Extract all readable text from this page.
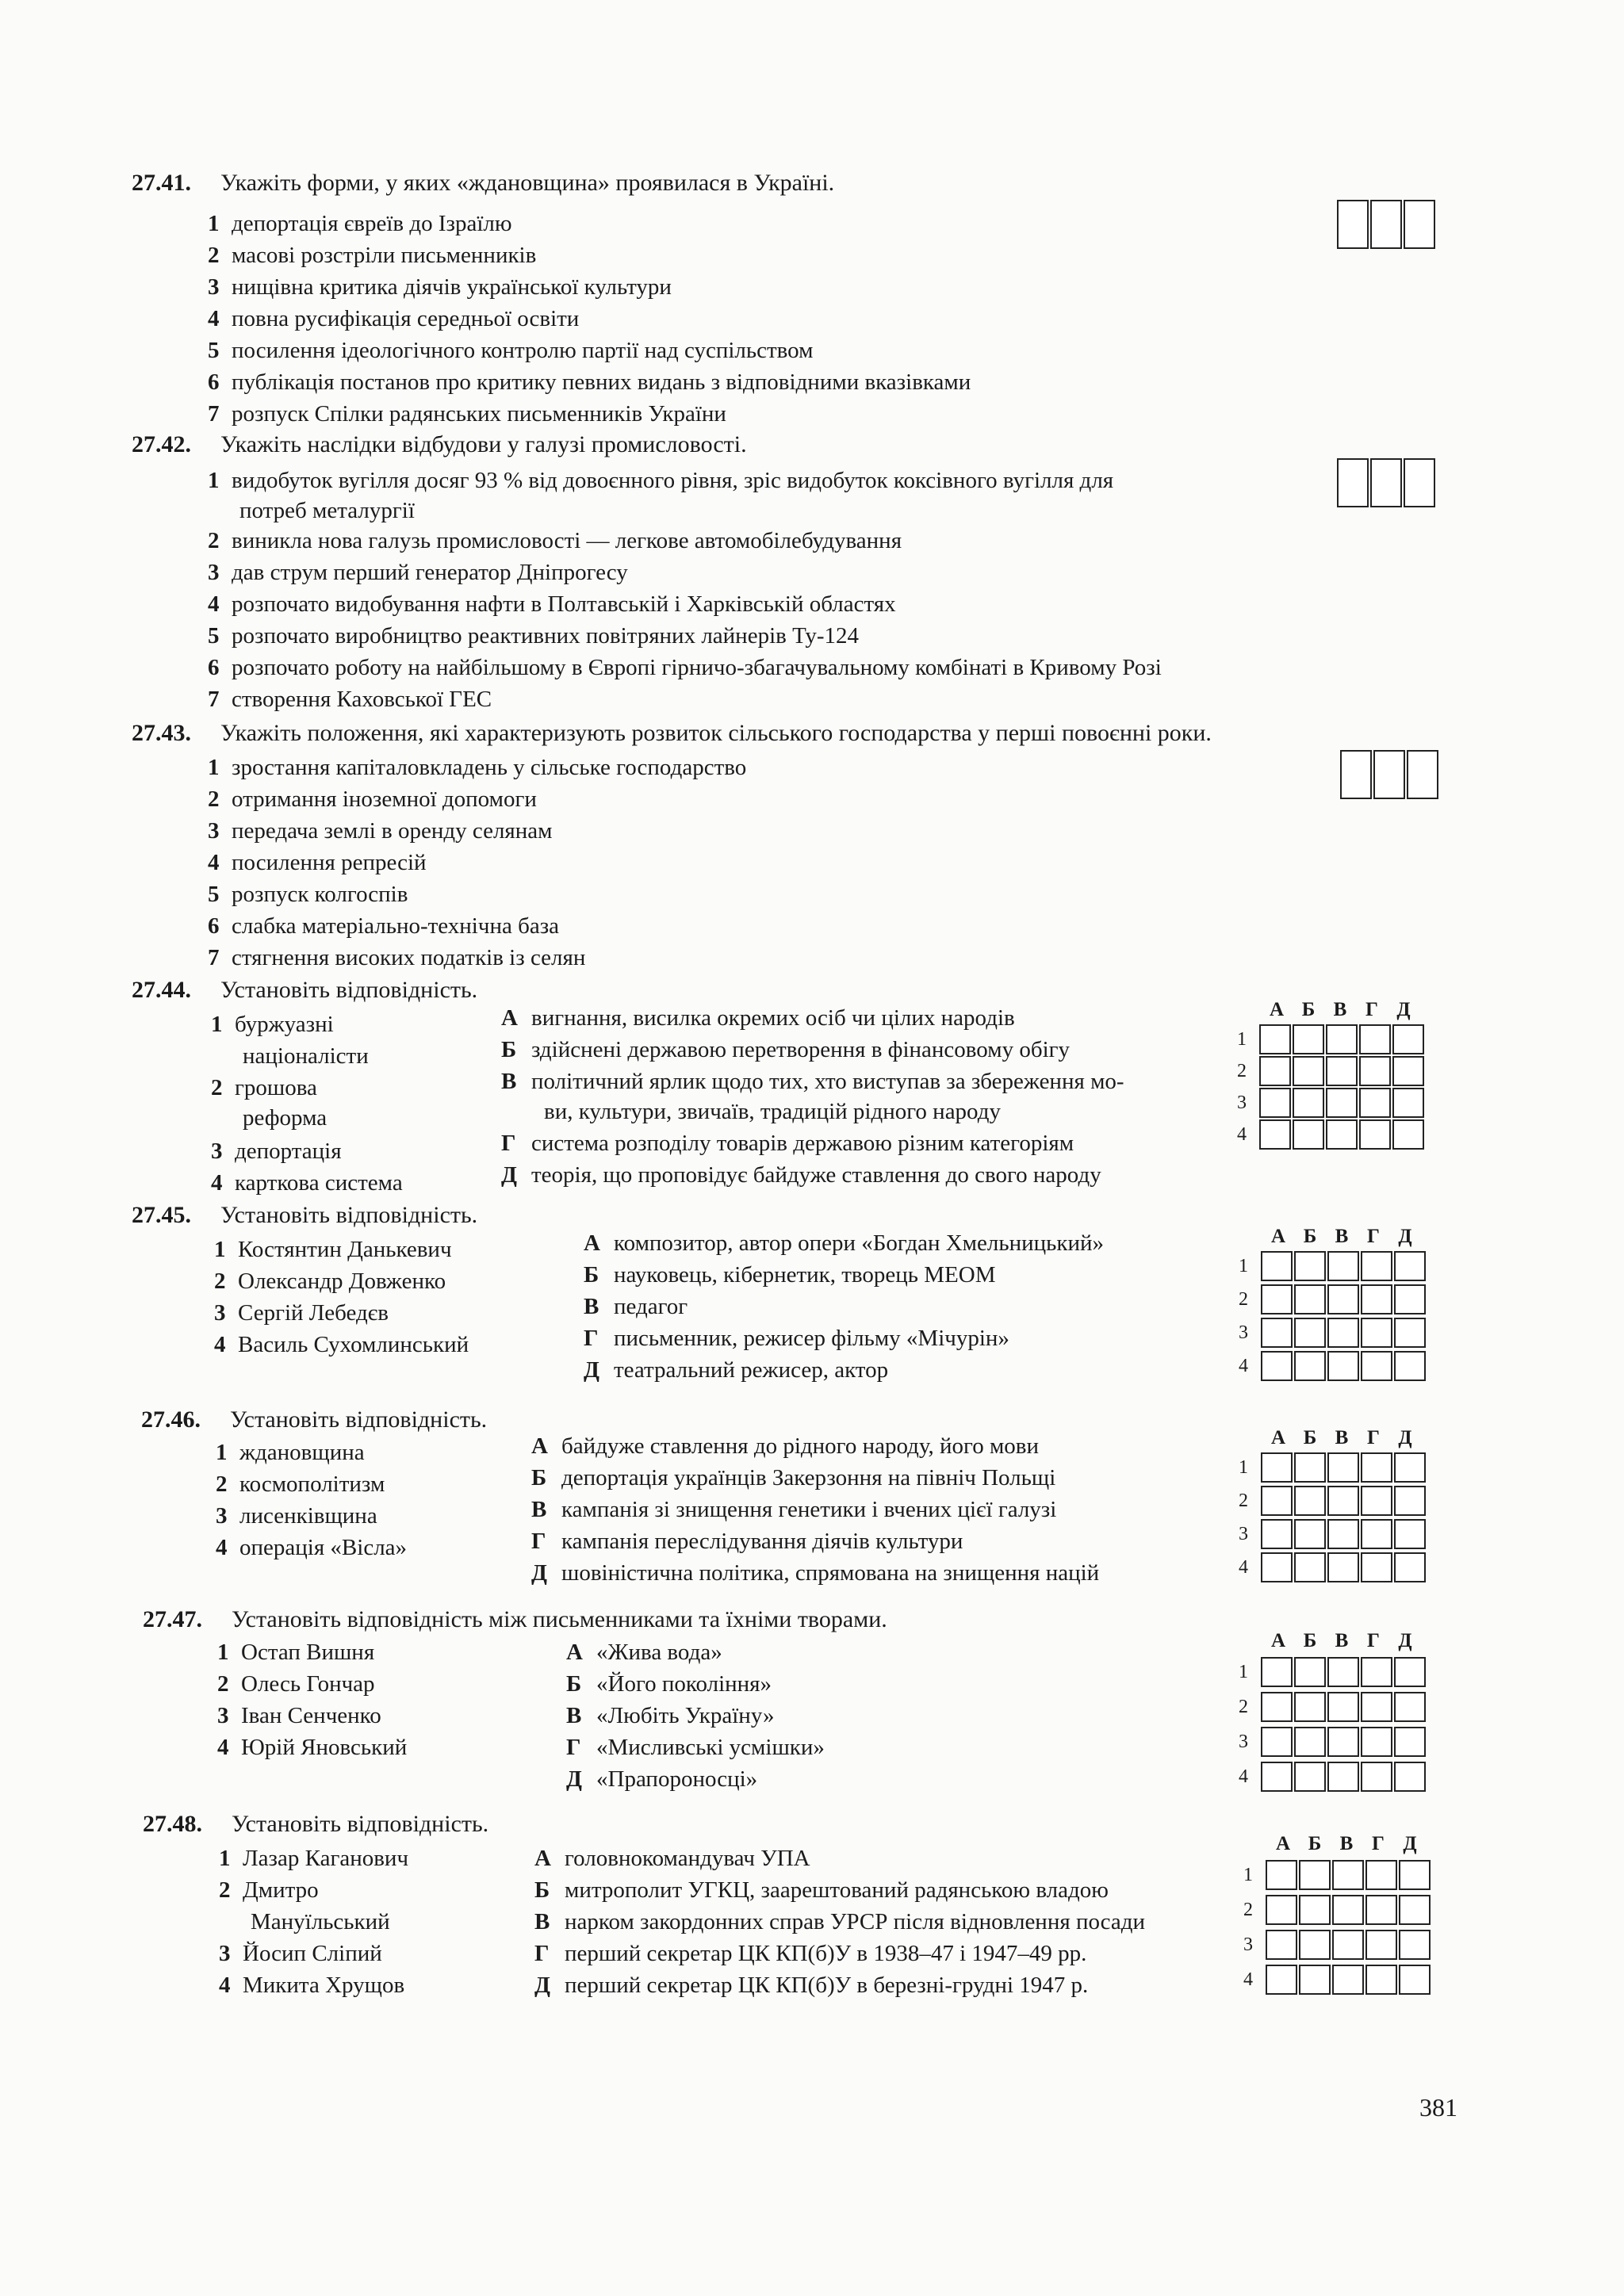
27.41. Укажіть форми, у яких «ждановщина» проявилася в Україні.
1 депортація євреїв до Ізраїлю
2 масові розстріли письменників
3 нищівна критика діячів української культури
4 повна русифікація середньої освіти
5 посилення ідеологічного контролю партії над суспільством
6 публікація постанов про критику певних видань з відповідними вказівками
7 розпуск Спілки радянських письменників України
27.42. Укажіть наслідки відбудови у галузі промисловості.
1 видобуток вугілля досяг 93 % від довоєнного рівня, зріс видобуток коксівного вугілля для
потреб металургії
2 виникла нова галузь промисловості — легкове автомобілебудування
3 дав струм перший генератор Дніпрогесу
4 розпочато видобування нафти в Полтавській і Харківській областях
5 розпочато виробництво реактивних повітряних лайнерів Ту-124
6 розпочато роботу на найбільшому в Європі гірничо-збагачувальному комбінаті в Кривому Розі
7 створення Каховської ГЕС
27.43. Укажіть положення, які характеризують розвиток сільського господарства у перші повоєнні роки.
1 зростання капіталовкладень у сільське господарство
2 отримання іноземної допомоги
3 передача землі в оренду селянам
4 посилення репресій
5 розпуск колгоспів
6 слабка матеріально-технічна база
7 стягнення високих податків із селян
27.44. Установіть відповідність.
1 буржуазні
націоналісти
2 грошова
реформа
3 депортація
4 карткова система
А вигнання, висилка окремих осіб чи цілих народів
Б здійснені державою перетворення в фінансовому обігу
В політичний ярлик щодо тих, хто виступав за збереження мо-
ви, культури, звичаїв, традицій рідного народу
Г система розподілу товарів державою різним категоріям
Д теорія, що проповідує байдуже ставлення до свого народу
А Б В Г Д
1
2
3
4
27.45. Установіть відповідність.
1 Костянтин Данькевич
2 Олександр Довженко
3 Сергій Лебедєв
4 Василь Сухомлинський
А композитор, автор опери «Богдан Хмельницький»
Б науковець, кібернетик, творець МЕОМ
В педагог
Г письменник, режисер фільму «Мічурін»
Д театральний режисер, актор
А Б В Г Д
1
2
3
4
27.46. Установіть відповідність.
1 ждановщина
2 космополітизм
3 лисенківщина
4 операція «Вісла»
А байдуже ставлення до рідного народу, його мови
Б депортація українців Закерзоння на північ Польщі
В кампанія зі знищення генетики і вчених цієї галузі
Г кампанія переслідування діячів культури
Д шовіністична політика, спрямована на знищення націй
А Б В Г Д
1
2
3
4
27.47. Установіть відповідність між письменниками та їхніми творами.
1 Остап Вишня
2 Олесь Гончар
3 Іван Сенченко
4 Юрій Яновський
А «Жива вода»
Б «Його покоління»
В «Любіть Україну»
Г «Мисливські усмішки»
Д «Прапороносці»
А Б В Г Д
1
2
3
4
27.48. Установіть відповідність.
1 Лазар Каганович
2 Дмитро
Мануїльський
3 Йосип Сліпий
4 Микита Хрущов
А головнокомандувач УПА
Б митрополит УГКЦ, заарештований радянською владою
В нарком закордонних справ УРСР після відновлення посади
Г перший секретар ЦК КП(б)У в 1938–47 і 1947–49 рр.
Д перший секретар ЦК КП(б)У в березні-грудні 1947 р.
А Б В Г Д
1
2
3
4
381
